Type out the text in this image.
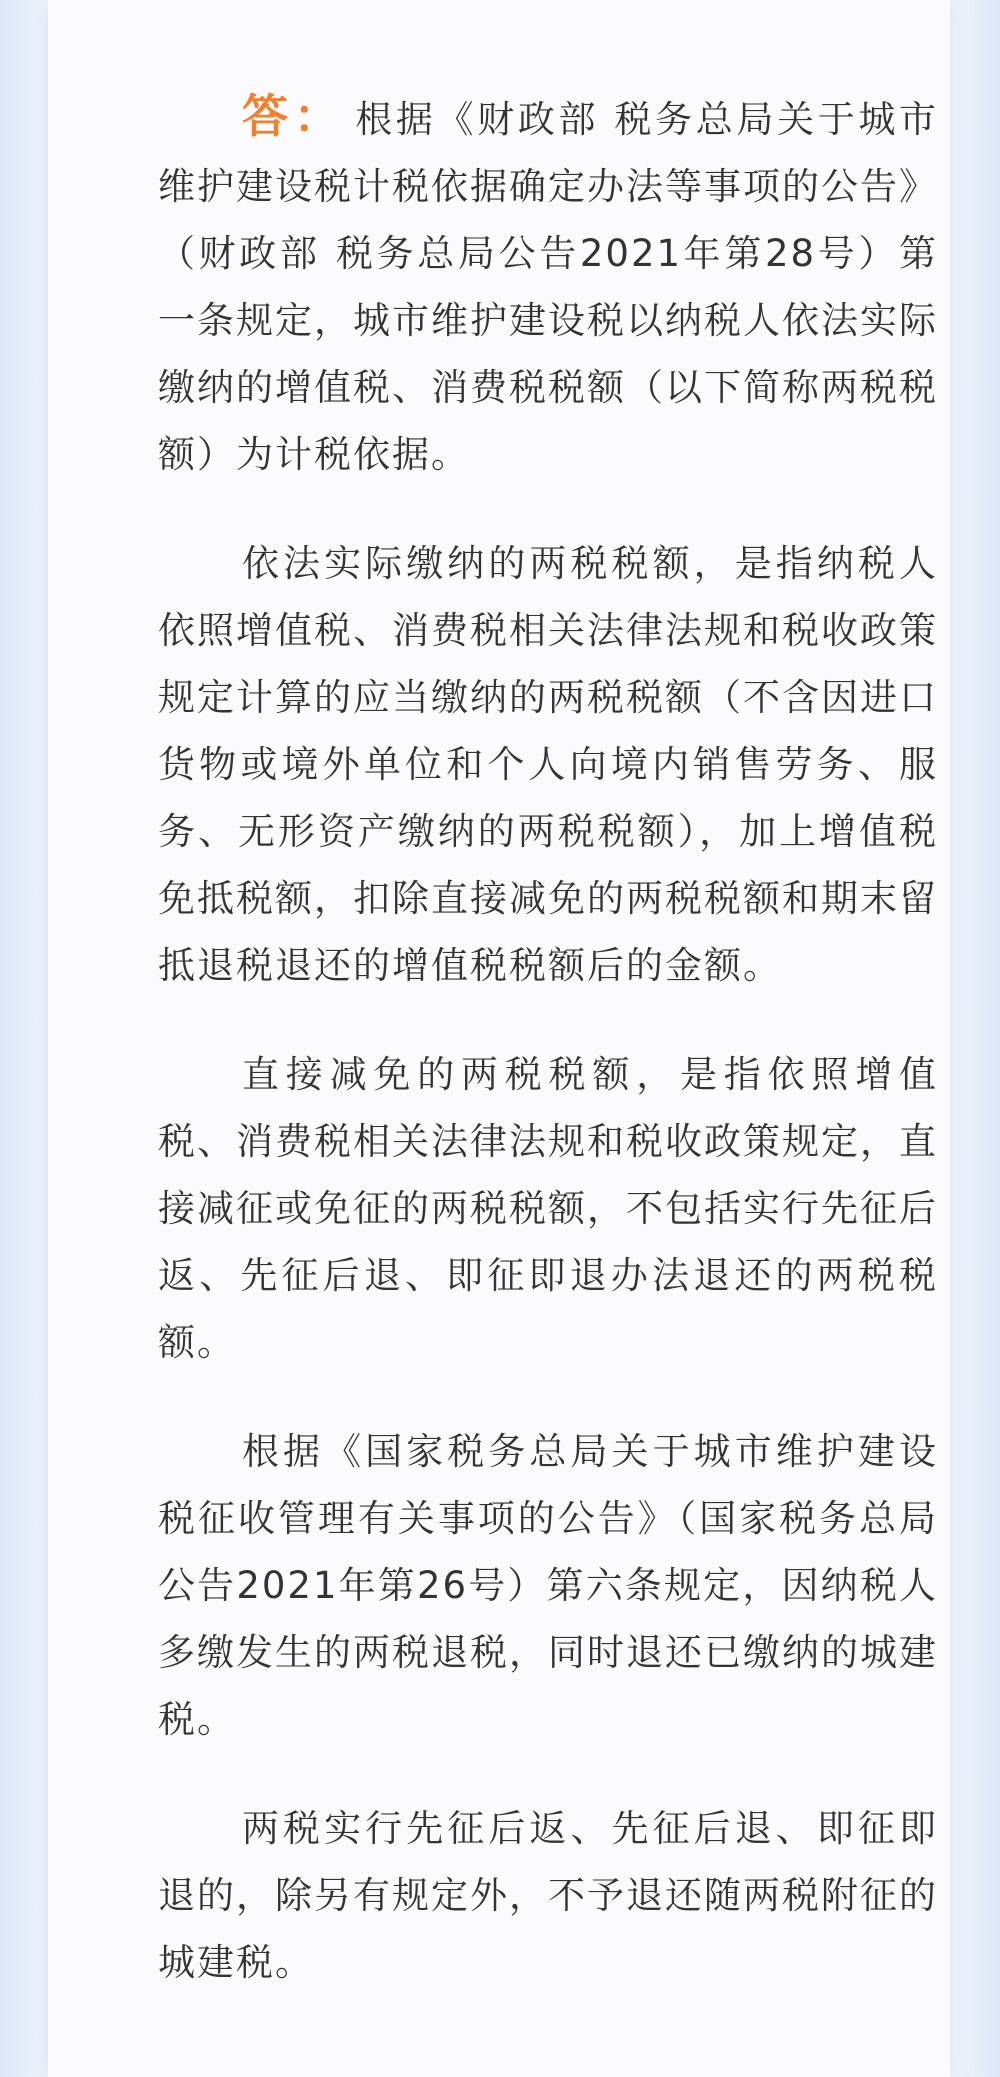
答： 根据《财政部 税务总局关于城市维护建设税计税依据确定办法等事项的公告》（财政部 税务总局公告2021年第28号）第一条规定，城市维护建设税以纳税人依法实际缴纳的增值税、消费税税额（以下简称两税税额）为计税依据。

依法实际缴纳的两税税额，是指纳税人依照增值税、消费税相关法律法规和税收政策规定计算的应当缴纳的两税税额（不含因进口货物或境外单位和个人向境内销售劳务、服务、无形资产缴纳的两税税额），加上增值税免抵税额，扣除直接减免的两税税额和期末留抵退税退还的增值税税额后的金额。

直接减免的两税税额，是指依照增值税、消费税相关法律法规和税收政策规定，直接减征或免征的两税税额，不包括实行先征后返、先征后退、即征即退办法退还的两税税额。

根据《国家税务总局关于城市维护建设税征收管理有关事项的公告》（国家税务总局公告2021年第26号）第六条规定，因纳税人多缴发生的两税退税，同时退还已缴纳的城建税。

两税实行先征后返、先征后退、即征即退的，除另有规定外，不予退还随两税附征的城建税。
